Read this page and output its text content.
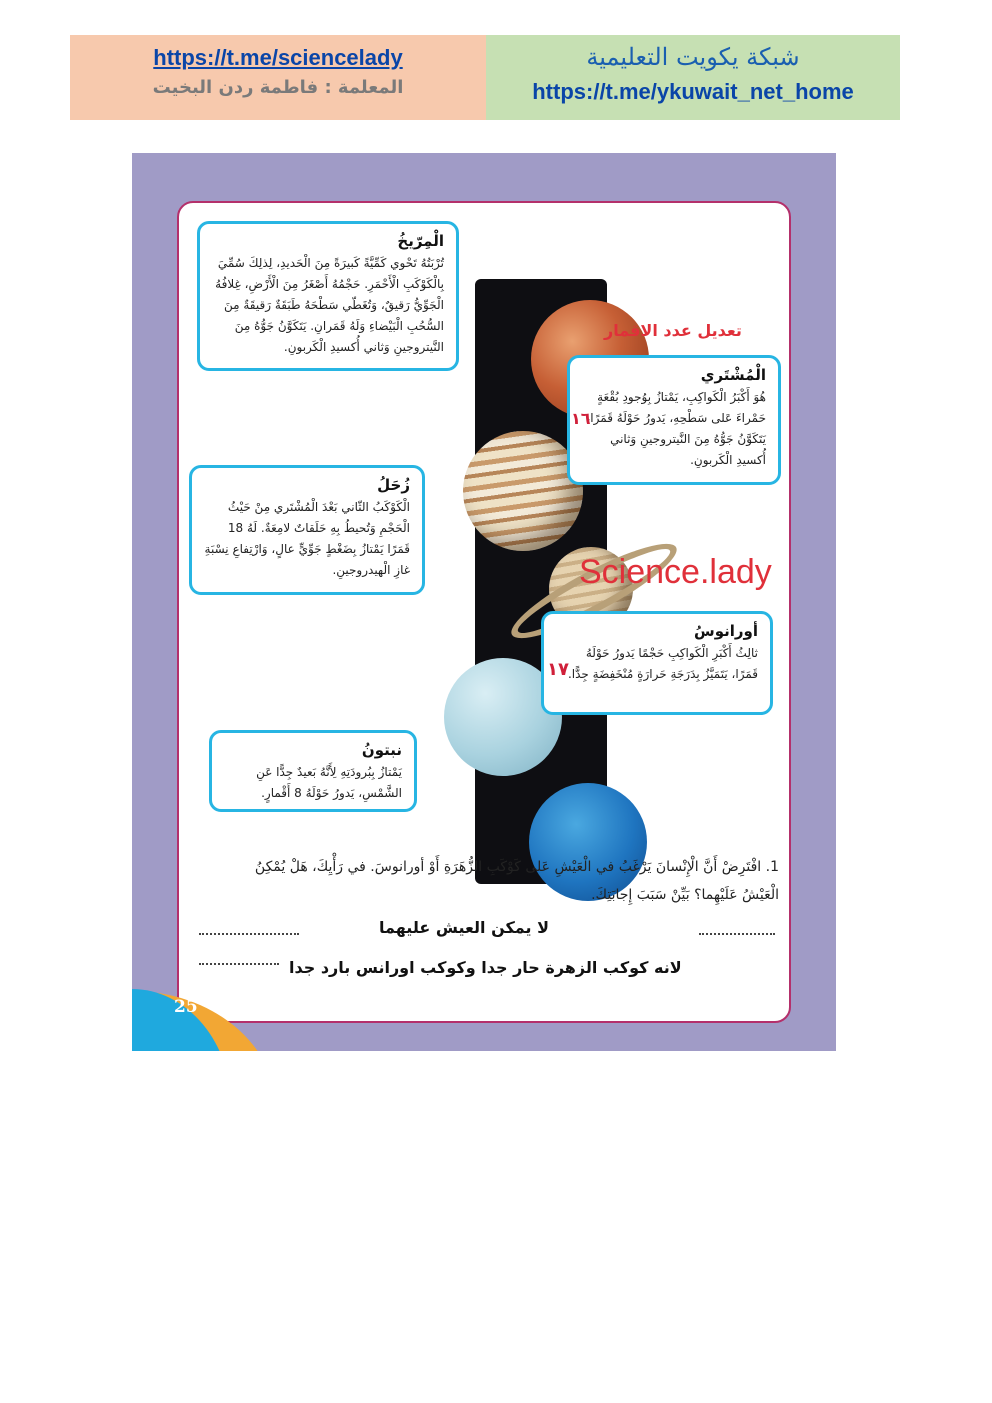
https://t.me/sciencelady
المعلمة : فاطمة ردن البخيت
شبكة يكويت التعليمية
https://t.me/ykuwait_net_home
الْمِرّيخُ
تُرْبَتُهُ تَحْوي كَمِّيَّةً كَبيرَةً مِنَ الْحَديدِ، لِذلِكَ سُمِّيَ بِالْكَوْكَبِ الْأَحْمَرِ. حَجْمُهُ أَصْغَرُ مِنَ الْأَرْضِ، غِلافُهُ الْجَوِّيُّ رَقيقٌ، وَتُغَطّي سَطْحَهُ طَبَقَةٌ رَقيقَةٌ مِنَ السُّحُبِ الْبَيْضاءِ وَلَهُ قَمَرانِ. يَتَكَوَّنُ جَوُّهُ مِنَ النَّيتروجينِ وَثاني أُكسيدِ الْكَربونِ.
تعديل عدد الاقمار
الْمُشْتَري
هُوَ أَكْبَرُ الْكَواكِبِ، يَمْتازُ بِوُجودِ بُقْعَةٍ حَمْراءَ عَلى سَطْحِهِ، يَدورُ حَوْلَهُ قَمَرًا، يَتَكَوَّنُ جَوُّهُ مِنَ النَّيتروجينِ وَثاني أُكسيدِ الْكَربونِ.
١٦
زُحَلُ
الْكَوْكَبُ الثّاني بَعْدَ الْمُشْتَري مِنْ حَيْثُ الْحَجْمِ وَتُحيطُ بِهِ حَلَقاتٌ لامِعَةٌ. لَهُ 18 قَمَرًا يَمْتازُ بِضَغْطٍ جَوِّيٍّ عالٍ، وَارْتِفاعِ نِسْبَةِ غازِ الْهيدروجينِ.	Science.lady
أورانوسُ
ثالِثُ أَكْبَرِ الْكَواكِبِ حَجْمًا يَدورُ حَوْلَهُ قَمَرًا، يَتَمَيَّزُ بِدَرَجَةِ حَرارَةٍ مُنْخَفِضَةٍ جِدًّا.
١٧
نبتونُ
يَمْتازُ بِبُرودَتِهِ لِأَنَّهُ بَعيدٌ جِدًّا عَنِ الشَّمْسِ، يَدورُ حَوْلَهُ 8 أَقْمارٍ.
1. افْتَرِضْ أَنَّ الْإِنْسانَ يَرْغَبُ في الْعَيْشِ عَلى كَوْكَبِ الزُّهَرَةِ أَوْ أورانوسَ. في رَأْيِكَ، هَلْ يُمْكِنُ الْعَيْشُ عَلَيْهِما؟ بَيِّنْ سَبَبَ إِجابَتِكَ.
لا يمكن العيش عليهما
لانه كوكب الزهرة حار جدا وكوكب اورانس بارد جدا
25
